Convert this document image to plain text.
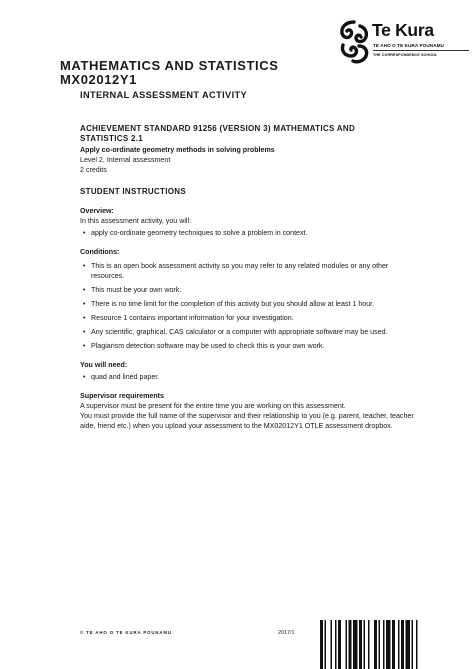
Te Kura
TE AHO O TE KURA POUNAMU
THE CORRESPONDENCE SCHOOL
MATHEMATICS AND STATISTICS
MX02012Y1
INTERNAL ASSESSMENT ACTIVITY

ACHIEVEMENT STANDARD 91256 (VERSION 3) MATHEMATICS AND

STATISTICS 2.1

Apply co-ordinate geometry methods in solving problems

Level 2, Internal assessment

2 credits

STUDENT INSTRUCTIONS

Overview:

In this assessment activity, you will:

• apply co-ordinate geometry techniques to solve a problem in context.

Conditions:

• This is an open book assessment activity so you may refer to any related modules or any other resources.
• This must be your own work.
• There is no time limit for the completion of this activity but you should allow at least 1 hour.
• Resource 1 contains important information for your investigation.
• Any scientific, graphical, CAS calculator or a computer with appropriate software may be used.
• Plagiarism detection software may be used to check this is your own work.

You will need:

• quad and lined paper.

Supervisor requirements

A supervisor must be present for the entire time you are working on this assessment.

You must provide the full name of the supervisor and their relationship to you (e.g. parent, teacher, teacher aide, friend etc.) when you upload your assessment to the MX02012Y1 OTLE assessment dropbox.

© TE AHO O TE KURA POUNAMU	2017/1
